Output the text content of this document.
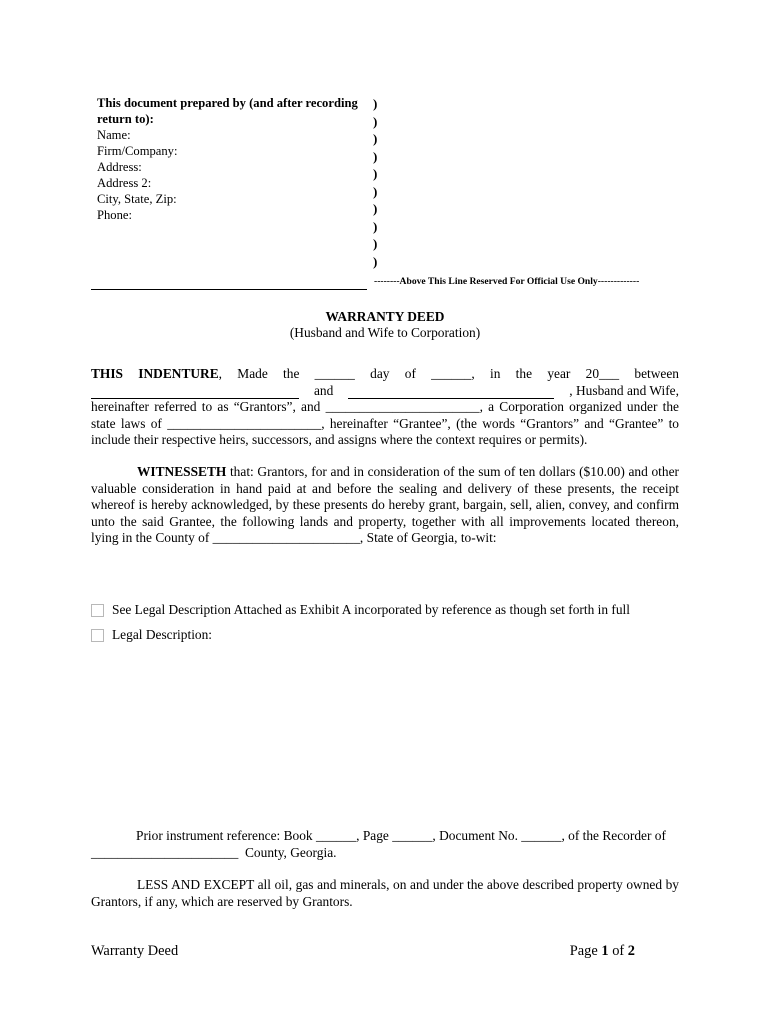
This document prepared by (and after recording return to):
Name:
Firm/Company:
Address:
Address 2:
City, State, Zip:
Phone:
)
)
)
)
)
)
)
)
)
)
--------Above This Line Reserved For Official Use Only-------------
WARRANTY DEED
(Husband and Wife to Corporation)
THIS INDENTURE, Made the ______ day of ______, in the year 20___ between
and	, Husband and Wife,
hereinafter referred to as “Grantors”, and _______________________, a Corporation organized under the state laws of _______________________, hereinafter “Grantee”, (the words “Grantors” and “Grantee” to include their respective heirs, successors, and assigns where the context requires or permits).
WITNESSETH that: Grantors, for and in consideration of the sum of ten dollars ($10.00) and other valuable consideration in hand paid at and before the sealing and delivery of these presents, the receipt whereof is hereby acknowledged, by these presents do hereby grant, bargain, sell, alien, convey, and confirm unto the said Grantee, the following lands and property, together with all improvements located thereon, lying in the County of ______________________, State of Georgia, to-wit:
See Legal Description Attached as Exhibit A incorporated by reference as though set forth in full
Legal Description:
Prior instrument reference: Book ______, Page ______, Document No. ______, of the Recorder of
______________________  County, Georgia.
LESS AND EXCEPT all oil, gas and minerals, on and under the above described property owned by Grantors, if any, which are reserved by Grantors.
Warranty Deed	Page 1 of 2
